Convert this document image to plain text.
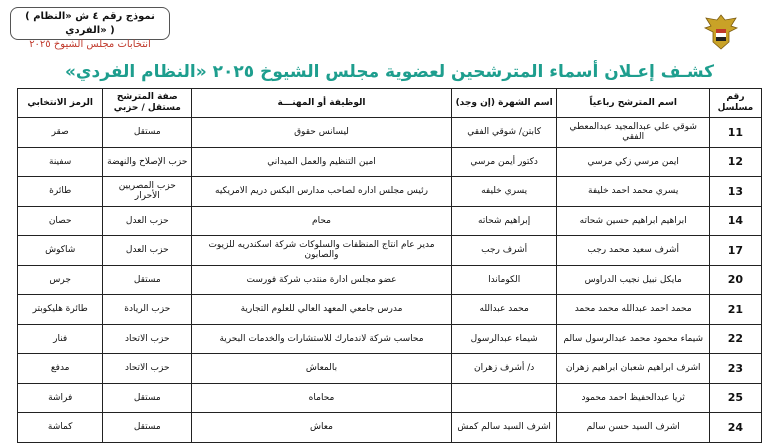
( نموذج رقم ٤ ش «النظام الفردي» )
انتخابات مجلس الشيوخ ٢٠٢٥
كشـف إعـلان أسماء المترشحين لعضوية مجلس الشيوخ ٢٠٢٥ «النظام الفردي»
رقم مسلسل	اسم المترشح رباعياً	اسم الشهرة (إن وجد)	الوظيفة أو المهنـــة	صفة المترشح مستقل / حزبي	الرمز الانتخابي
11	شوقي علي عبدالمجيد عبدالمعطي الفقي	كابتن/ شوقي الفقي	ليسانس حقوق	مستقل	صقر
12	ايمن مرسي زكي مرسي	دكتور أيمن مرسي	امين التنظيم والعمل الميداني	حزب الإصلاح والنهضة	سفينة
13	يسري محمد احمد خليفة	يسري خليفه	رئيس مجلس اداره لصاحب مدارس البكس دريم الامريكيه	حزب المصريين الأحرار	طائرة
14	ابراهيم ابراهيم حسين شحاته	إبراهيم شحاته	محام	حزب العدل	حصان
17	أشرف سعيد محمد رجب	أشرف رجب	مدير عام انتاج المنظفات والسلوكات شركة اسكندريه للزيوت والصابون	حزب العدل	شاكوش
20	مايكل نبيل نجيب الدراوس	الكوماندا	عضو مجلس ادارة منتدب شركة فورست	مستقل	جرس
21	محمد احمد عبدالله محمد محمد	محمد عبدالله	مدرس جامعي المعهد العالي للعلوم التجارية	حزب الريادة	طائرة هليكوبتر
22	شيماء محمود محمد عبدالرسول سالم	شيماء عبدالرسول	محاسب شركة لاندمارك للاستشارات والخدمات البحرية	حزب الاتحاد	فنار
23	اشرف ابراهيم شعبان ابراهيم زهران	د/ أشرف زهران	بالمعاش	حزب الاتحاد	مدفع
25	ثريا عبدالحفيظ احمد محمود		محاماه	مستقل	فراشة
24	اشرف السيد حسن سالم	اشرف السيد سالم كمش	معاش	مستقل	كماشة
